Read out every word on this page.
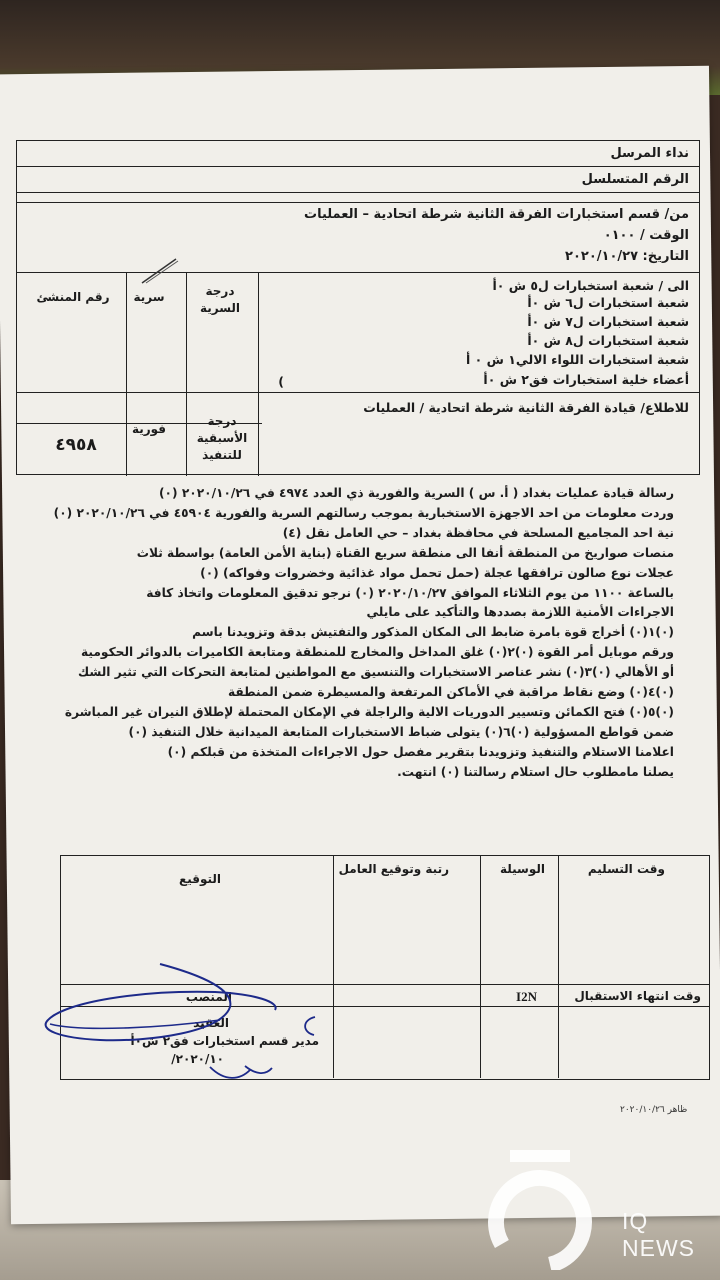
نداء المرسل
الرقم المتسلسل
من/ قسم استخبارات الفرقة الثانية شرطة اتحادية – العمليات
الوقت / ٠١٠٠
التاريخ: ٢٠٢٠/١٠/٢٧
الى / شعبة استخبارات ل٥ ش ٠أ
شعبة استخبارات ل٦ ش ٠أ
شعبة استخبارات ل٧ ش ٠أ
شعبة استخبارات ل٨ ش ٠أ
شعبة استخبارات اللواء الالي١ ش ٠ أ
أعضاء خلية استخبارات فق٢ ش ٠أ
)
للاطلاع/ قيادة الفرقة الثانية شرطة اتحادية / العمليات
درجة السرية
سرية
رقم المنشئ
درجة الأسبقية للتنفيذ
فورية
٤٩٥٨

رسالة قيادة عمليات بغداد ( أ. س ) السرية والفورية ذي العدد ٤٩٧٤ في ٢٠٢٠/١٠/٢٦ (٠)

وردت معلومات من احد الاجهزة الاستخبارية بموجب رسالتهم السرية والفورية ٤٥٩٠٤ في ٢٠٢٠/١٠/٢٦ (٠)

نية احد المجاميع المسلحة في محافظة بغداد – حي العامل نقل (٤)

منصات صواريخ من المنطقة أنفا الى منطقة سريع القناة (بناية الأمن العامة) بواسطة ثلاث

عجلات نوع صالون ترافقها عجلة (حمل تحمل مواد غذائية وخضروات وفواكه) (٠)

بالساعة ١١٠٠ من يوم الثلاثاء الموافق ٢٠٢٠/١٠/٢٧ (٠) نرجو تدقيق المعلومات واتخاذ كافة

الاجراءات الأمنية اللازمة بصددها والتأكيد على مايلي

(٠)١(٠) أخراج قوة بامرة ضابط الى المكان المذكور والتفتيش بدقة وتزويدنا باسم

ورقم موبايل أمر القوة (٠)٢(٠) غلق المداخل والمخارج للمنطقة ومتابعة الكاميرات بالدوائر الحكومية

أو الأهالي (٠)٣(٠) نشر عناصر الاستخبارات والتنسيق مع المواطنين لمتابعة التحركات التي تثير الشك

(٠)٤(٠) وضع نقاط مراقبة في الأماكن المرتفعة والمسيطرة ضمن المنطقة

(٠)٥(٠) فتح الكمائن وتسيير الدوريات الالية والراجلة في الإمكان المحتملة لإطلاق النيران غير المباشرة

ضمن قواطع المسؤولية (٠)٦(٠) يتولى ضباط الاستخبارات المتابعة الميدانية خلال التنفيذ (٠)

اعلامنا الاستلام والتنفيذ وتزويدنا بتقرير مفصل حول الاجراءات المتخذة من قبلكم (٠)

يصلنا مامطلوب حال استلام رسالتنا (٠) انتهت.

وقت التسليم
الوسيلة
رتبة وتوقيع العامل
التوقيع
وقت انتهاء الاستقبال
I2N
المنصب
العقيد
مدير قسم استخبارات فق٢ ش٠أ
٢٠٢٠/١٠/
ظاهر ٢٠٢٠/١٠/٢٦
IQ NEWS
